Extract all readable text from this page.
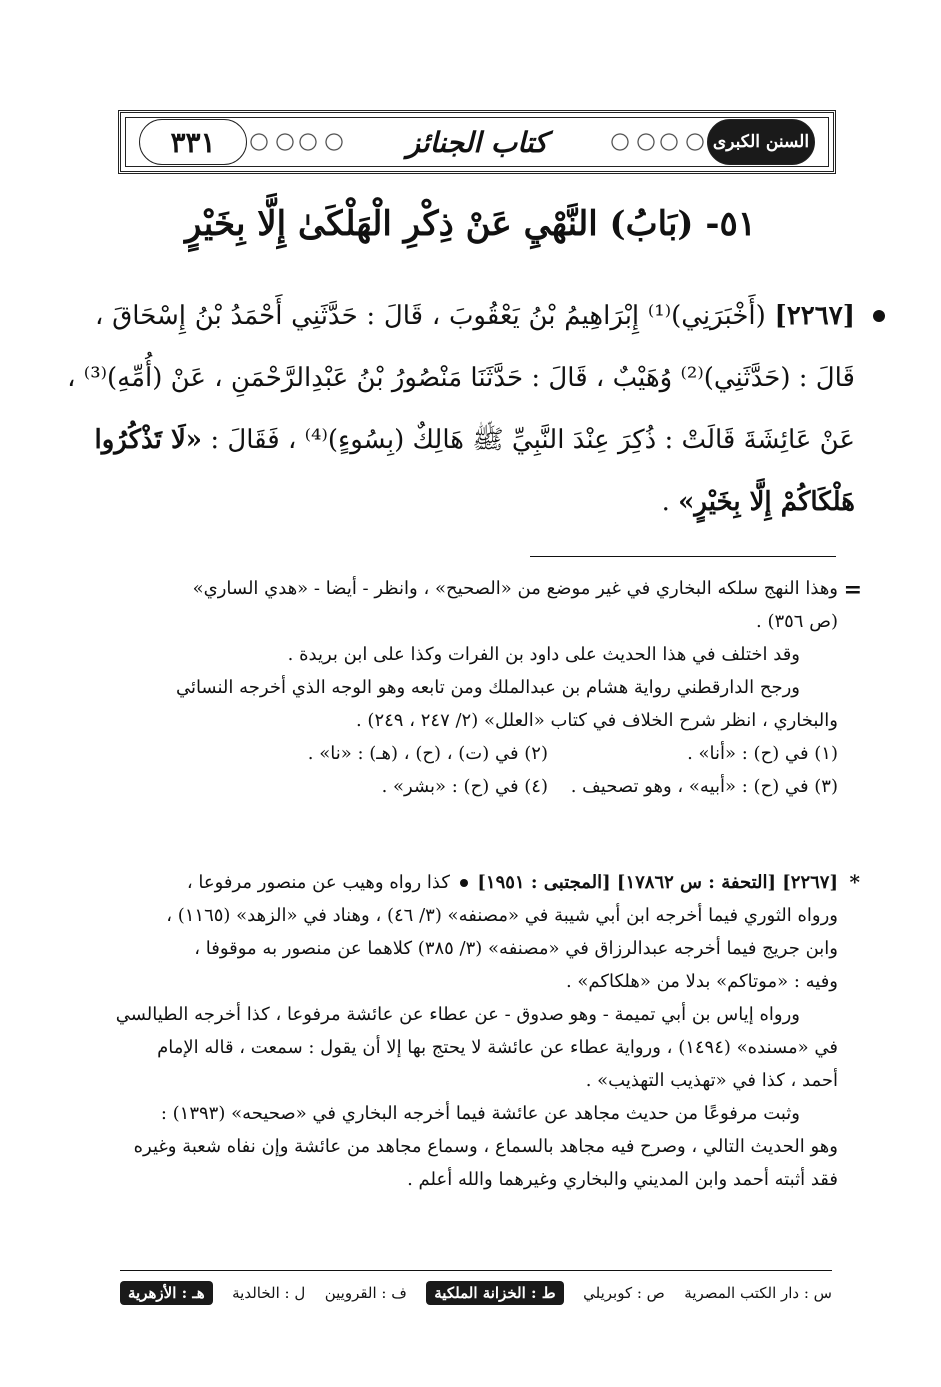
٣٣١	كتاب الجنائز	السنن الكبرى
٥١- (بَابُ) النَّهْيِ عَنْ ذِكْرِ الْهَلْكَىٰ إِلَّا بِخَيْرٍ
[٢٢٦٧] (أَخْبَرَنِي)⁽¹⁾ إِبْرَاهِيمُ بْنُ يَعْقُوبَ ، قَالَ : حَدَّثَنِي أَحْمَدُ بْنُ إِسْحَاقَ ،
قَالَ : (حَدَّثَنِي)⁽²⁾ وُهَيْبٌ ، قَالَ : حَدَّثَنَا مَنْصُورُ بْنُ عَبْدِالرَّحْمَنِ ، عَنْ (أُمِّهِ)⁽³⁾ ،
عَنْ عَائِشَةَ قَالَتْ : ذُكِرَ عِنْدَ النَّبِيِّ ﷺ هَالِكٌ (بِسُوءٍ)⁽⁴⁾ ، فَقَالَ : «لَا تَذْكُرُوا
هَلْكَاكُمْ إِلَّا بِخَيْرٍ» .
=
وهذا النهج سلكه البخاري في غير موضع من «الصحيح» ، وانظر - أيضا - «هدي الساري»
(ص ٣٥٦) .
وقد اختلف في هذا الحديث على داود بن الفرات وكذا على ابن بريدة .
ورجح الدارقطني رواية هشام بن عبدالملك ومن تابعه وهو الوجه الذي أخرجه النسائي
والبخاري ، انظر شرح الخلاف في كتاب «العلل» (٢/ ٢٤٧ ، ٢٤٩) .
(١) في (ح) : «أنا» .
(٢) في (ت) ، (ح) ، (هـ) : «نا» .
(٣) في (ح) : «أبيه» ، وهو تصحيف .
(٤) في (ح) : «بشر» .
*
[٢٢٦٧] [التحفة : س ١٧٨٦٢] [المجتبى : ١٩٥١]  كذا رواه وهيب عن منصور مرفوعا ،
ورواه الثوري فيما أخرجه ابن أبي شيبة في «مصنفه» (٣/ ٤٦) ، وهناد في «الزهد» (١١٦٥) ،
وابن جريج فيما أخرجه عبدالرزاق في «مصنفه» (٣/ ٣٨٥) كلاهما عن منصور به موقوفا ،
وفيه : «موتاكم» بدلا من «هلكاكم» .
ورواه إياس بن أبي تميمة - وهو صدوق - عن عطاء عن عائشة مرفوعا ، كذا أخرجه الطيالسي
في «مسنده» (١٤٩٤) ، ورواية عطاء عن عائشة لا يحتج بها إلا أن يقول : سمعت ، قاله الإمام
أحمد ، كذا في «تهذيب التهذيب» .
وثبت مرفوعًا من حديث مجاهد عن عائشة فيما أخرجه البخاري في «صحيحه» (١٣٩٣) :
وهو الحديث التالي ، وصرح فيه مجاهد بالسماع ، وسماع مجاهد من عائشة وإن نفاه شعبة وغيره
فقد أثبته أحمد وابن المديني والبخاري وغيرهما والله أعلم .
س : دار الكتب المصرية
ص : كوبريلي
ط : الخزانة الملكية
ف : القرويين
ل : الخالدية
هـ : الأزهرية
